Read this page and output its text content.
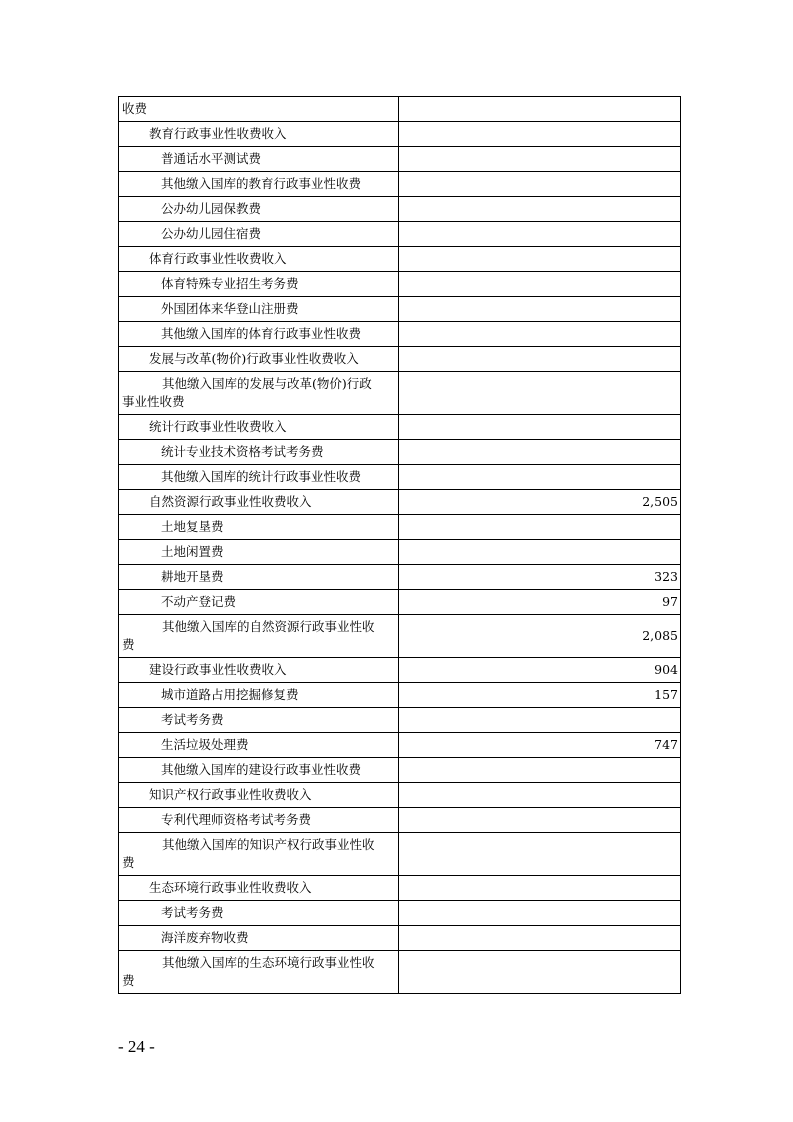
收费	
教育行政事业性收费收入	
普通话水平测试费	
其他缴入国库的教育行政事业性收费	
公办幼儿园保教费	
公办幼儿园住宿费	
体育行政事业性收费收入	
体育特殊专业招生考务费	
外国团体来华登山注册费	
其他缴入国库的体育行政事业性收费	
发展与改革(物价)行政事业性收费收入	

其他缴入国库的发展与改革(物价)行政
事业性收费	
统计行政事业性收费收入	
统计专业技术资格考试考务费	
其他缴入国库的统计行政事业性收费	
自然资源行政事业性收费收入	2,505
土地复垦费	
土地闲置费	
耕地开垦费	323
不动产登记费	97

其他缴入国库的自然资源行政事业性收
费	2,085
建设行政事业性收费收入	904
城市道路占用挖掘修复费	157
考试考务费	
生活垃圾处理费	747
其他缴入国库的建设行政事业性收费	
知识产权行政事业性收费收入	
专利代理师资格考试考务费	

其他缴入国库的知识产权行政事业性收
费	
生态环境行政事业性收费收入	
考试考务费	
海洋废弃物收费	

其他缴入国库的生态环境行政事业性收
费	
- 24 -
